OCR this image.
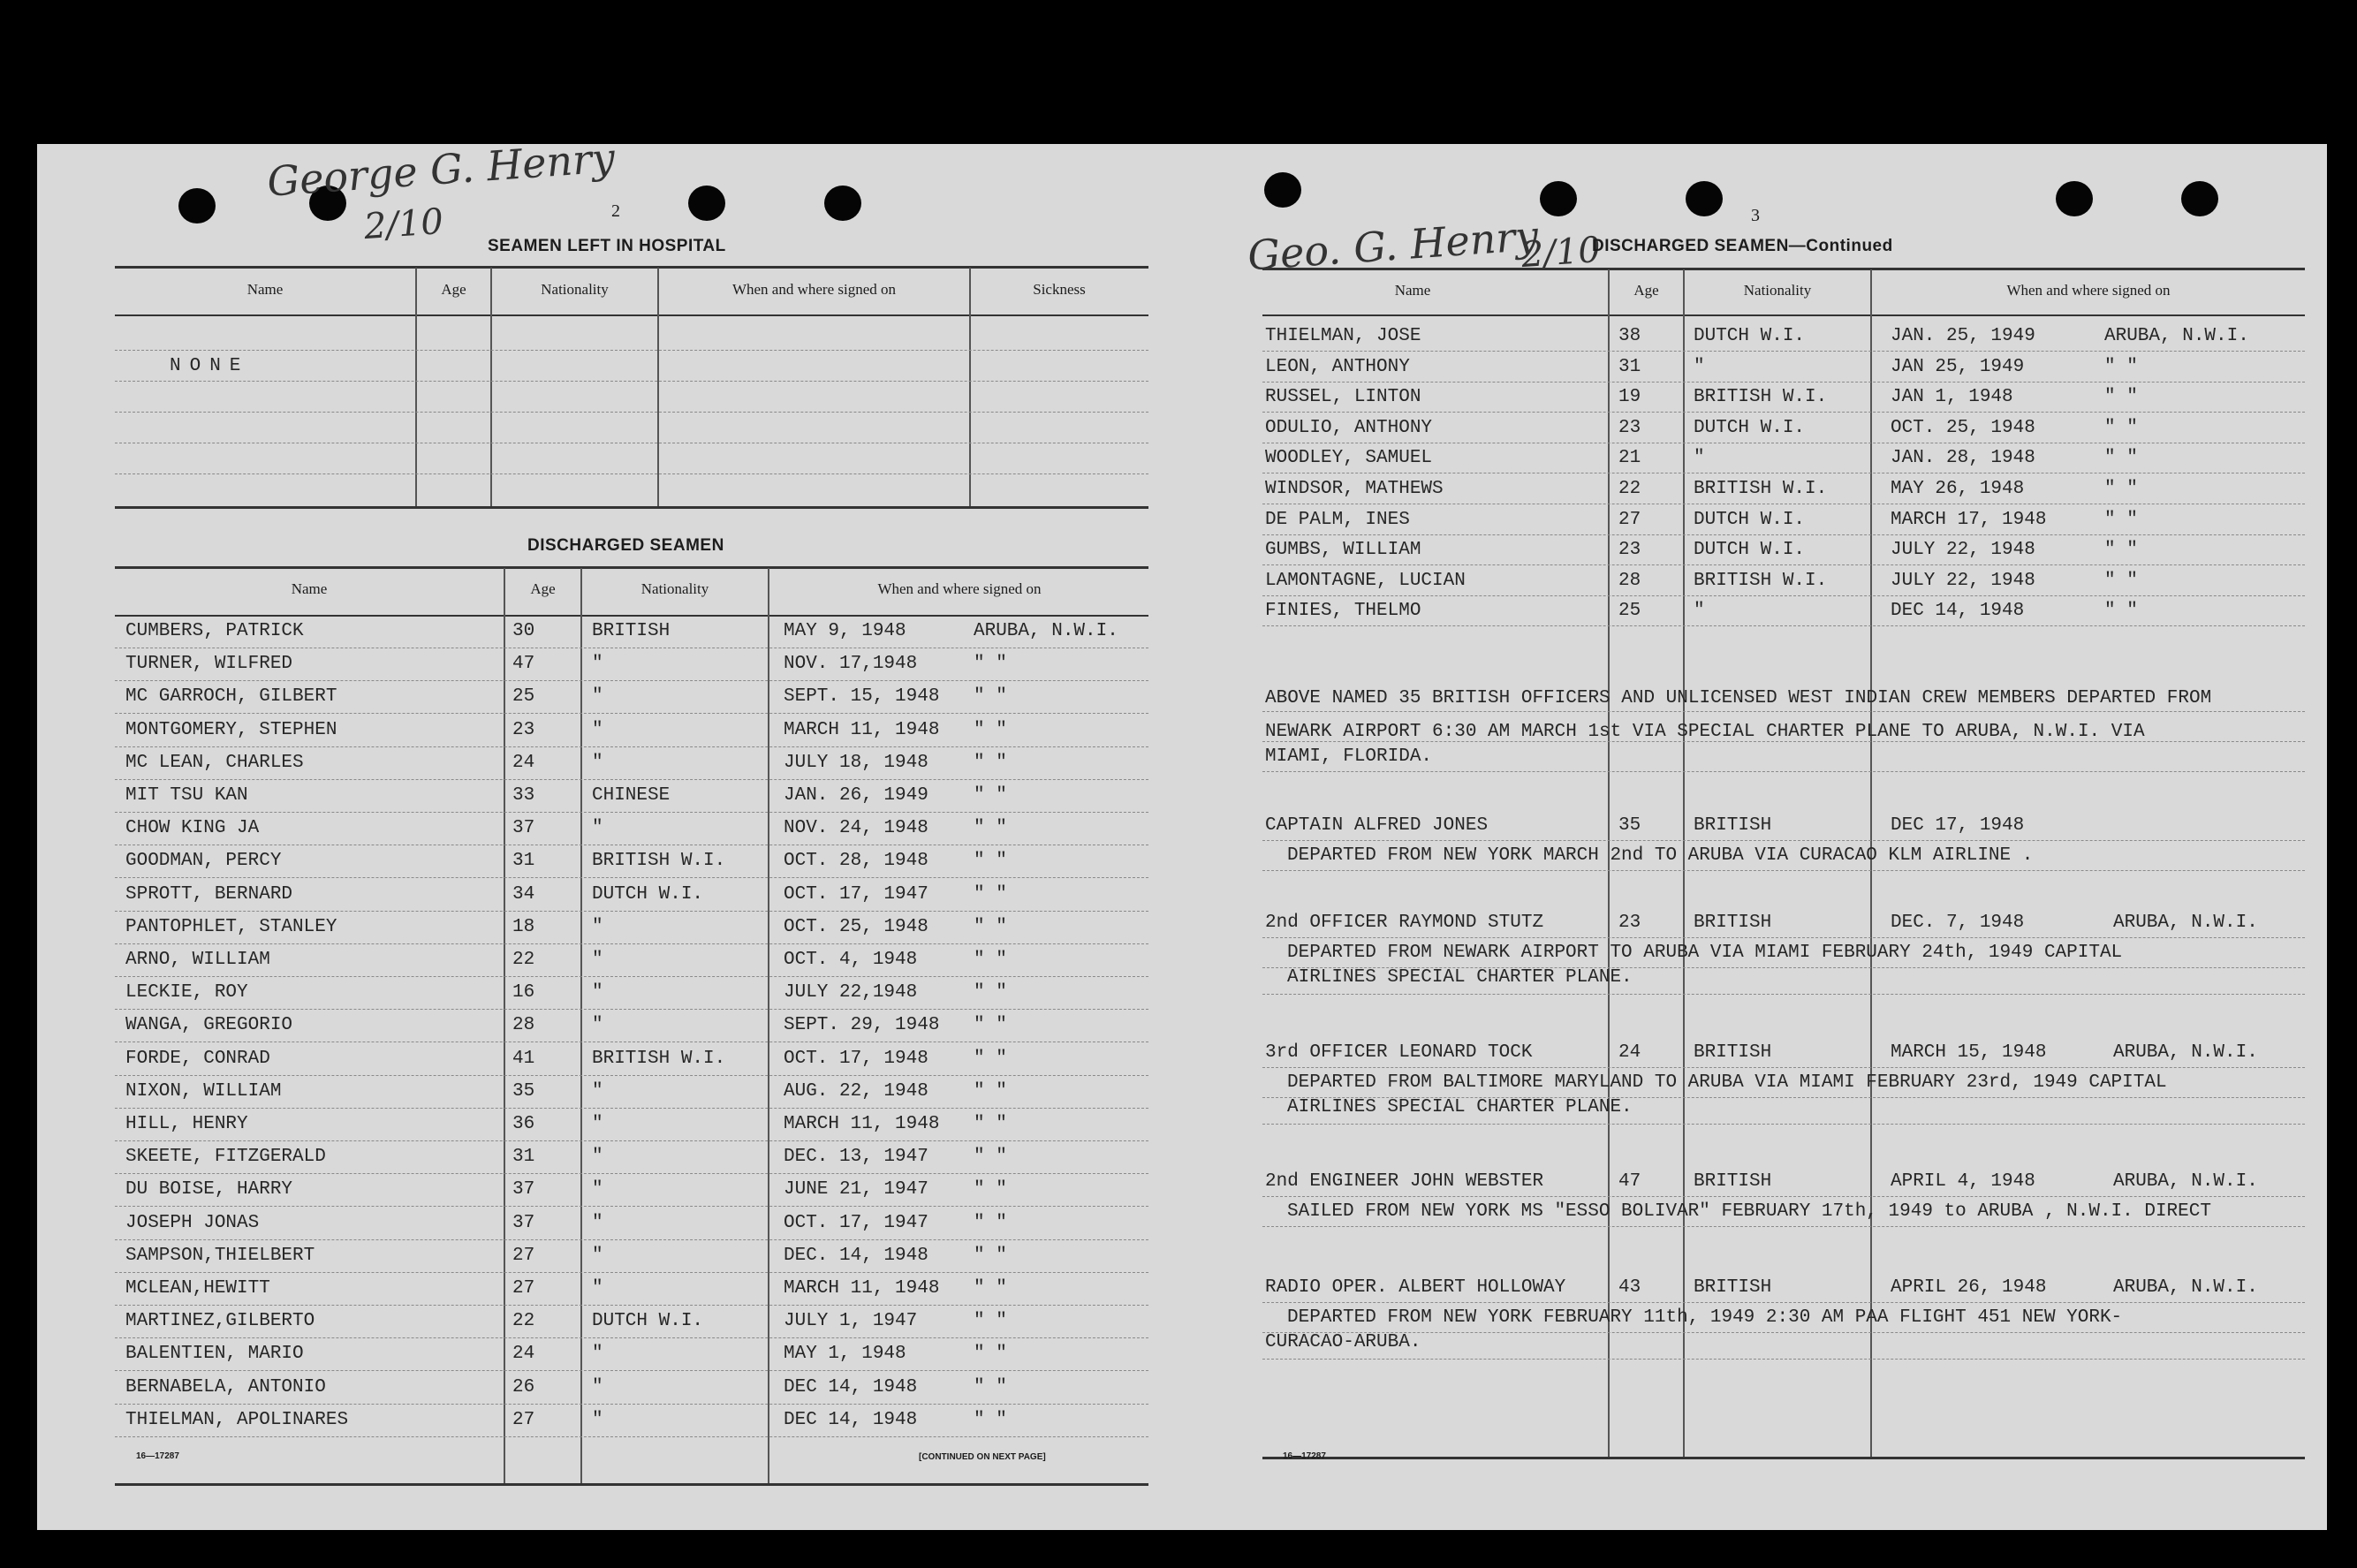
George G. Henry
2/10	Geo. G. Henry
2/10
2
SEAMEN LEFT IN HOSPITAL
Name	Age	Nationality	When and where signed on	Sickness
NONE
DISCHARGED SEAMEN
Name	Age	Nationality	When and where signed on
CUMBERS, PATRICK	30	BRITISH	MAY 9, 1948	ARUBA, N.W.I.
TURNER, WILFRED	47	"	NOV. 17,1948	" "
MC GARROCH, GILBERT	25	"	SEPT. 15, 1948 " "
MONTGOMERY, STEPHEN	23	"	MARCH 11, 1948 " "
MC LEAN, CHARLES	24	"	JULY 18, 1948 " "
MIT TSU KAN	33	CHINESE	JAN. 26, 1949 " "
CHOW KING JA	37	"	NOV. 24, 1948 " "
GOODMAN, PERCY	31	BRITISH W.I.	OCT. 28, 1948 " "
SPROTT, BERNARD	34	DUTCH W.I.	OCT. 17, 1947 " "
PANTOPHLET, STANLEY	18	"	OCT. 25, 1948 " "
ARNO, WILLIAM	22	"	OCT. 4, 1948	" "
LECKIE, ROY	16	"	JULY 22,1948	" "
WANGA, GREGORIO	28	"	SEPT. 29, 1948 " "
FORDE, CONRAD	41	BRITISH W.I.	OCT. 17, 1948 " "
NIXON, WILLIAM	35	"	AUG. 22, 1948 " "
HILL, HENRY	36	"	MARCH 11, 1948 " "
SKEETE, FITZGERALD	31	"	DEC. 13, 1947 " "
DU BOISE, HARRY	37	"	JUNE 21, 1947 " "
JOSEPH JONAS	37	"	OCT. 17, 1947 " "
SAMPSON,THIELBERT	27	"	DEC. 14, 1948 " "
MCLEAN,HEWITT	27	"	MARCH 11, 1948 " "
MARTINEZ,GILBERTO	22	DUTCH W.I.	JULY 1, 1947	" "
BALENTIEN, MARIO	24	"	MAY 1, 1948	" "
BERNABELA, ANTONIO	26	"	DEC 14, 1948	" "
THIELMAN, APOLINARES	27	"	DEC 14, 1948	" "
16—17287	[CONTINUED ON NEXT PAGE]
3
DISCHARGED SEAMEN—Continued
Name	Age	Nationality	When and where signed on
THIELMAN, JOSE	38	DUTCH W.I.	JAN. 25, 1949	ARUBA, N.W.I.
LEON, ANTHONY	31	"	JAN 25, 1949	" "
RUSSEL, LINTON	19	BRITISH W.I.	JAN 1, 1948	" "
ODULIO, ANTHONY	23	DUTCH W.I.	OCT. 25, 1948	" "
WOODLEY, SAMUEL	21	"	JAN. 28, 1948	" "
WINDSOR, MATHEWS	22	BRITISH W.I.	MAY 26, 1948	" "
DE PALM, INES	27	DUTCH W.I.	MARCH 17, 1948	" "
GUMBS, WILLIAM	23	DUTCH W.I.	JULY 22, 1948	" "
LAMONTAGNE, LUCIAN	28	BRITISH W.I.	JULY 22, 1948	" "
FINIES, THELMO	25	"	DEC 14, 1948	" "
ABOVE NAMED 35 BRITISH OFFICERS AND UNLICENSED WEST INDIAN CREW MEMBERS DEPARTED FROM
NEWARK AIRPORT 6:30 AM MARCH 1st VIA SPECIAL CHARTER PLANE TO ARUBA, N.W.I. VIA
MIAMI, FLORIDA.
CAPTAIN ALFRED JONES	35	BRITISH	DEC 17, 1948
DEPARTED FROM NEW YORK MARCH 2nd TO ARUBA VIA CURACAO KLM AIRLINE .
2nd OFFICER RAYMOND STUTZ	23	BRITISH	DEC. 7, 1948	ARUBA, N.W.I.
DEPARTED FROM NEWARK AIRPORT TO ARUBA VIA MIAMI FEBRUARY 24th, 1949 CAPITAL
AIRLINES SPECIAL CHARTER PLANE.
3rd OFFICER LEONARD TOCK	24	BRITISH	MARCH 15, 1948	ARUBA, N.W.I.
DEPARTED FROM BALTIMORE MARYLAND TO ARUBA VIA MIAMI FEBRUARY 23rd, 1949 CAPITAL
AIRLINES SPECIAL CHARTER PLANE.
2nd ENGINEER JOHN WEBSTER	47	BRITISH	APRIL 4, 1948	ARUBA, N.W.I.
SAILED FROM NEW YORK MS "ESSO BOLIVAR" FEBRUARY 17th, 1949 to ARUBA , N.W.I. DIRECT
RADIO OPER. ALBERT HOLLOWAY	43	BRITISH	APRIL 26, 1948	ARUBA, N.W.I.
DEPARTED FROM NEW YORK FEBRUARY 11th, 1949 2:30 AM PAA FLIGHT 451 NEW YORK-
CURACAO-ARUBA.
16—17287
